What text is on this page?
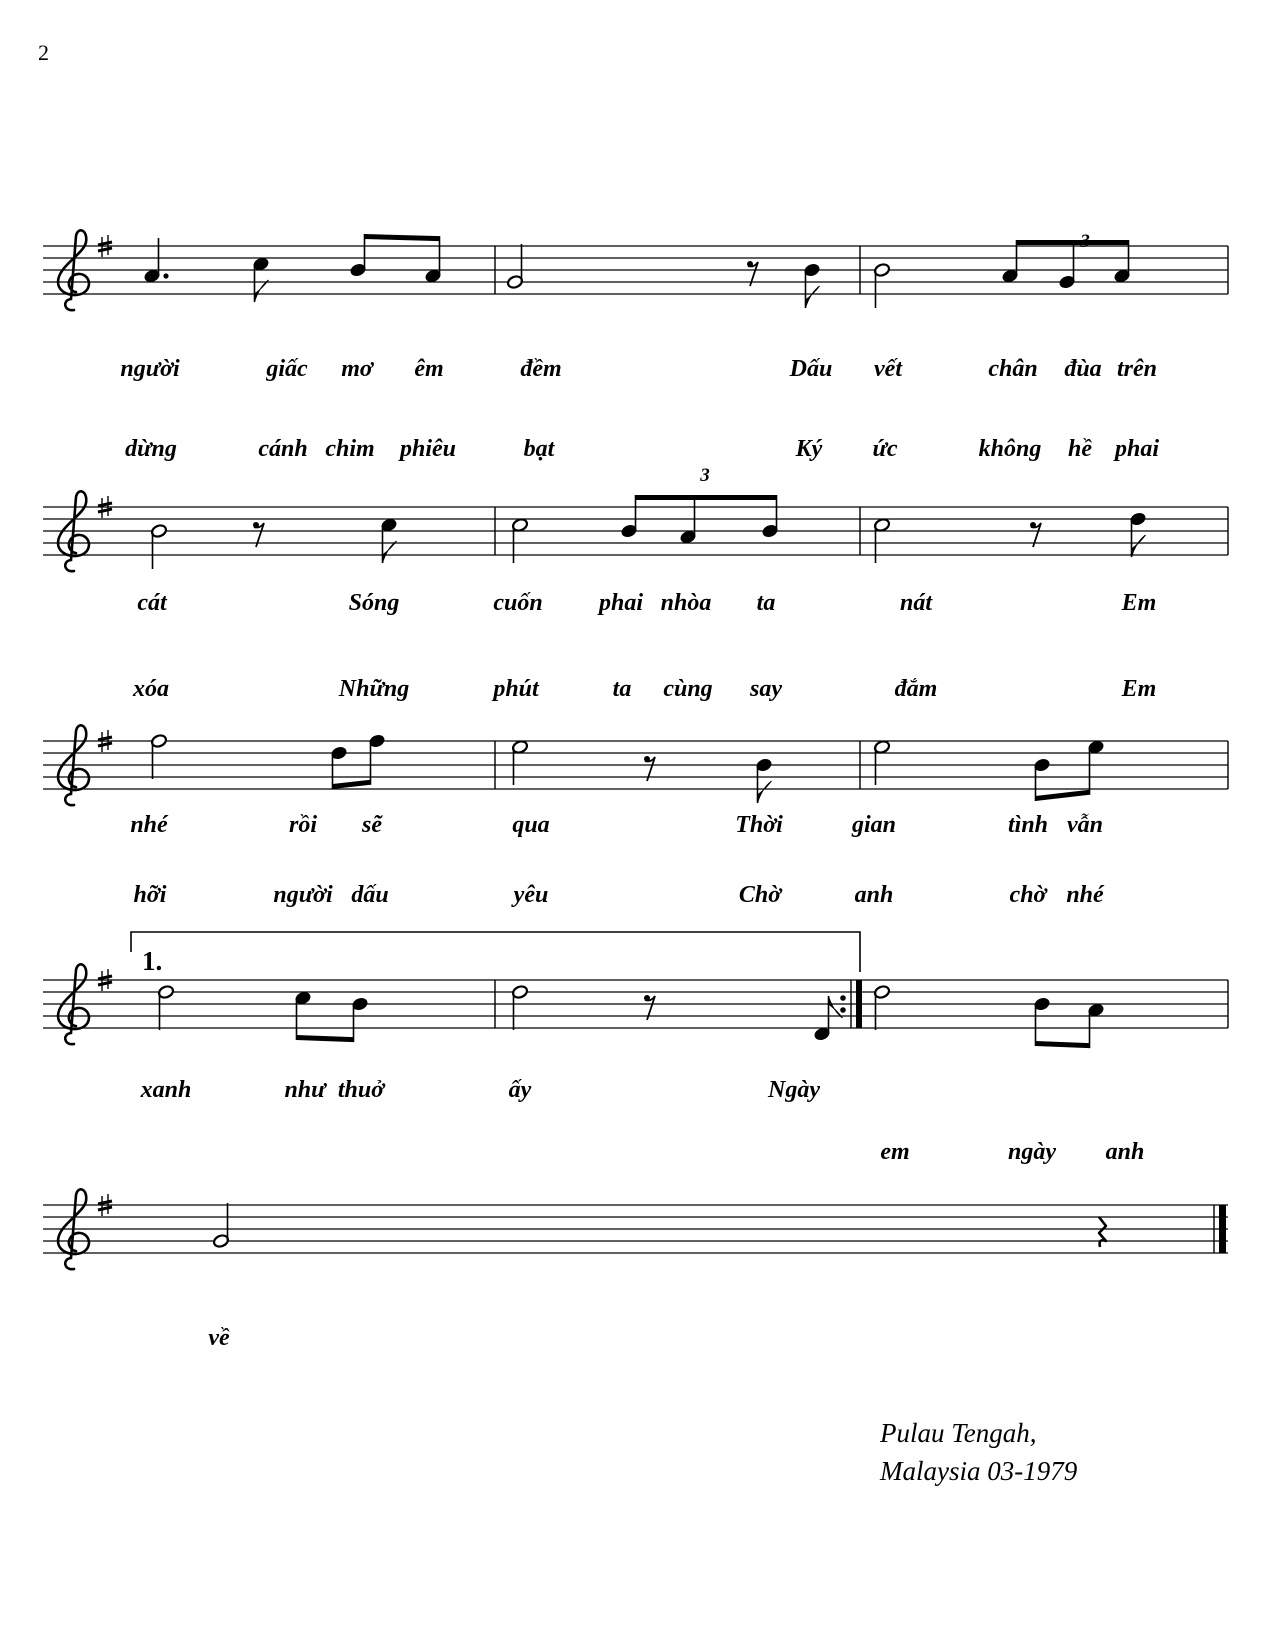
2
3
3
1.
người	giấc mơ êm	đềm	Dấu vết	chân đùa trên
dừng	cánh chim phiêu	bạt	Ký ức	không hề phai
cát	Sóng	cuốn phai nhòa ta	nát	Em
xóa	Những	phút	ta cùng say	đắm	Em
nhé	rồi sẽ	qua	Thời	gian	tình vẫn
hỡi	người dấu	yêu	Chờ	anh	chờ nhé
xanh	như thuở	ấy	Ngày
em	ngày anh
về
Pulau Tengah,
Malaysia 03-1979
